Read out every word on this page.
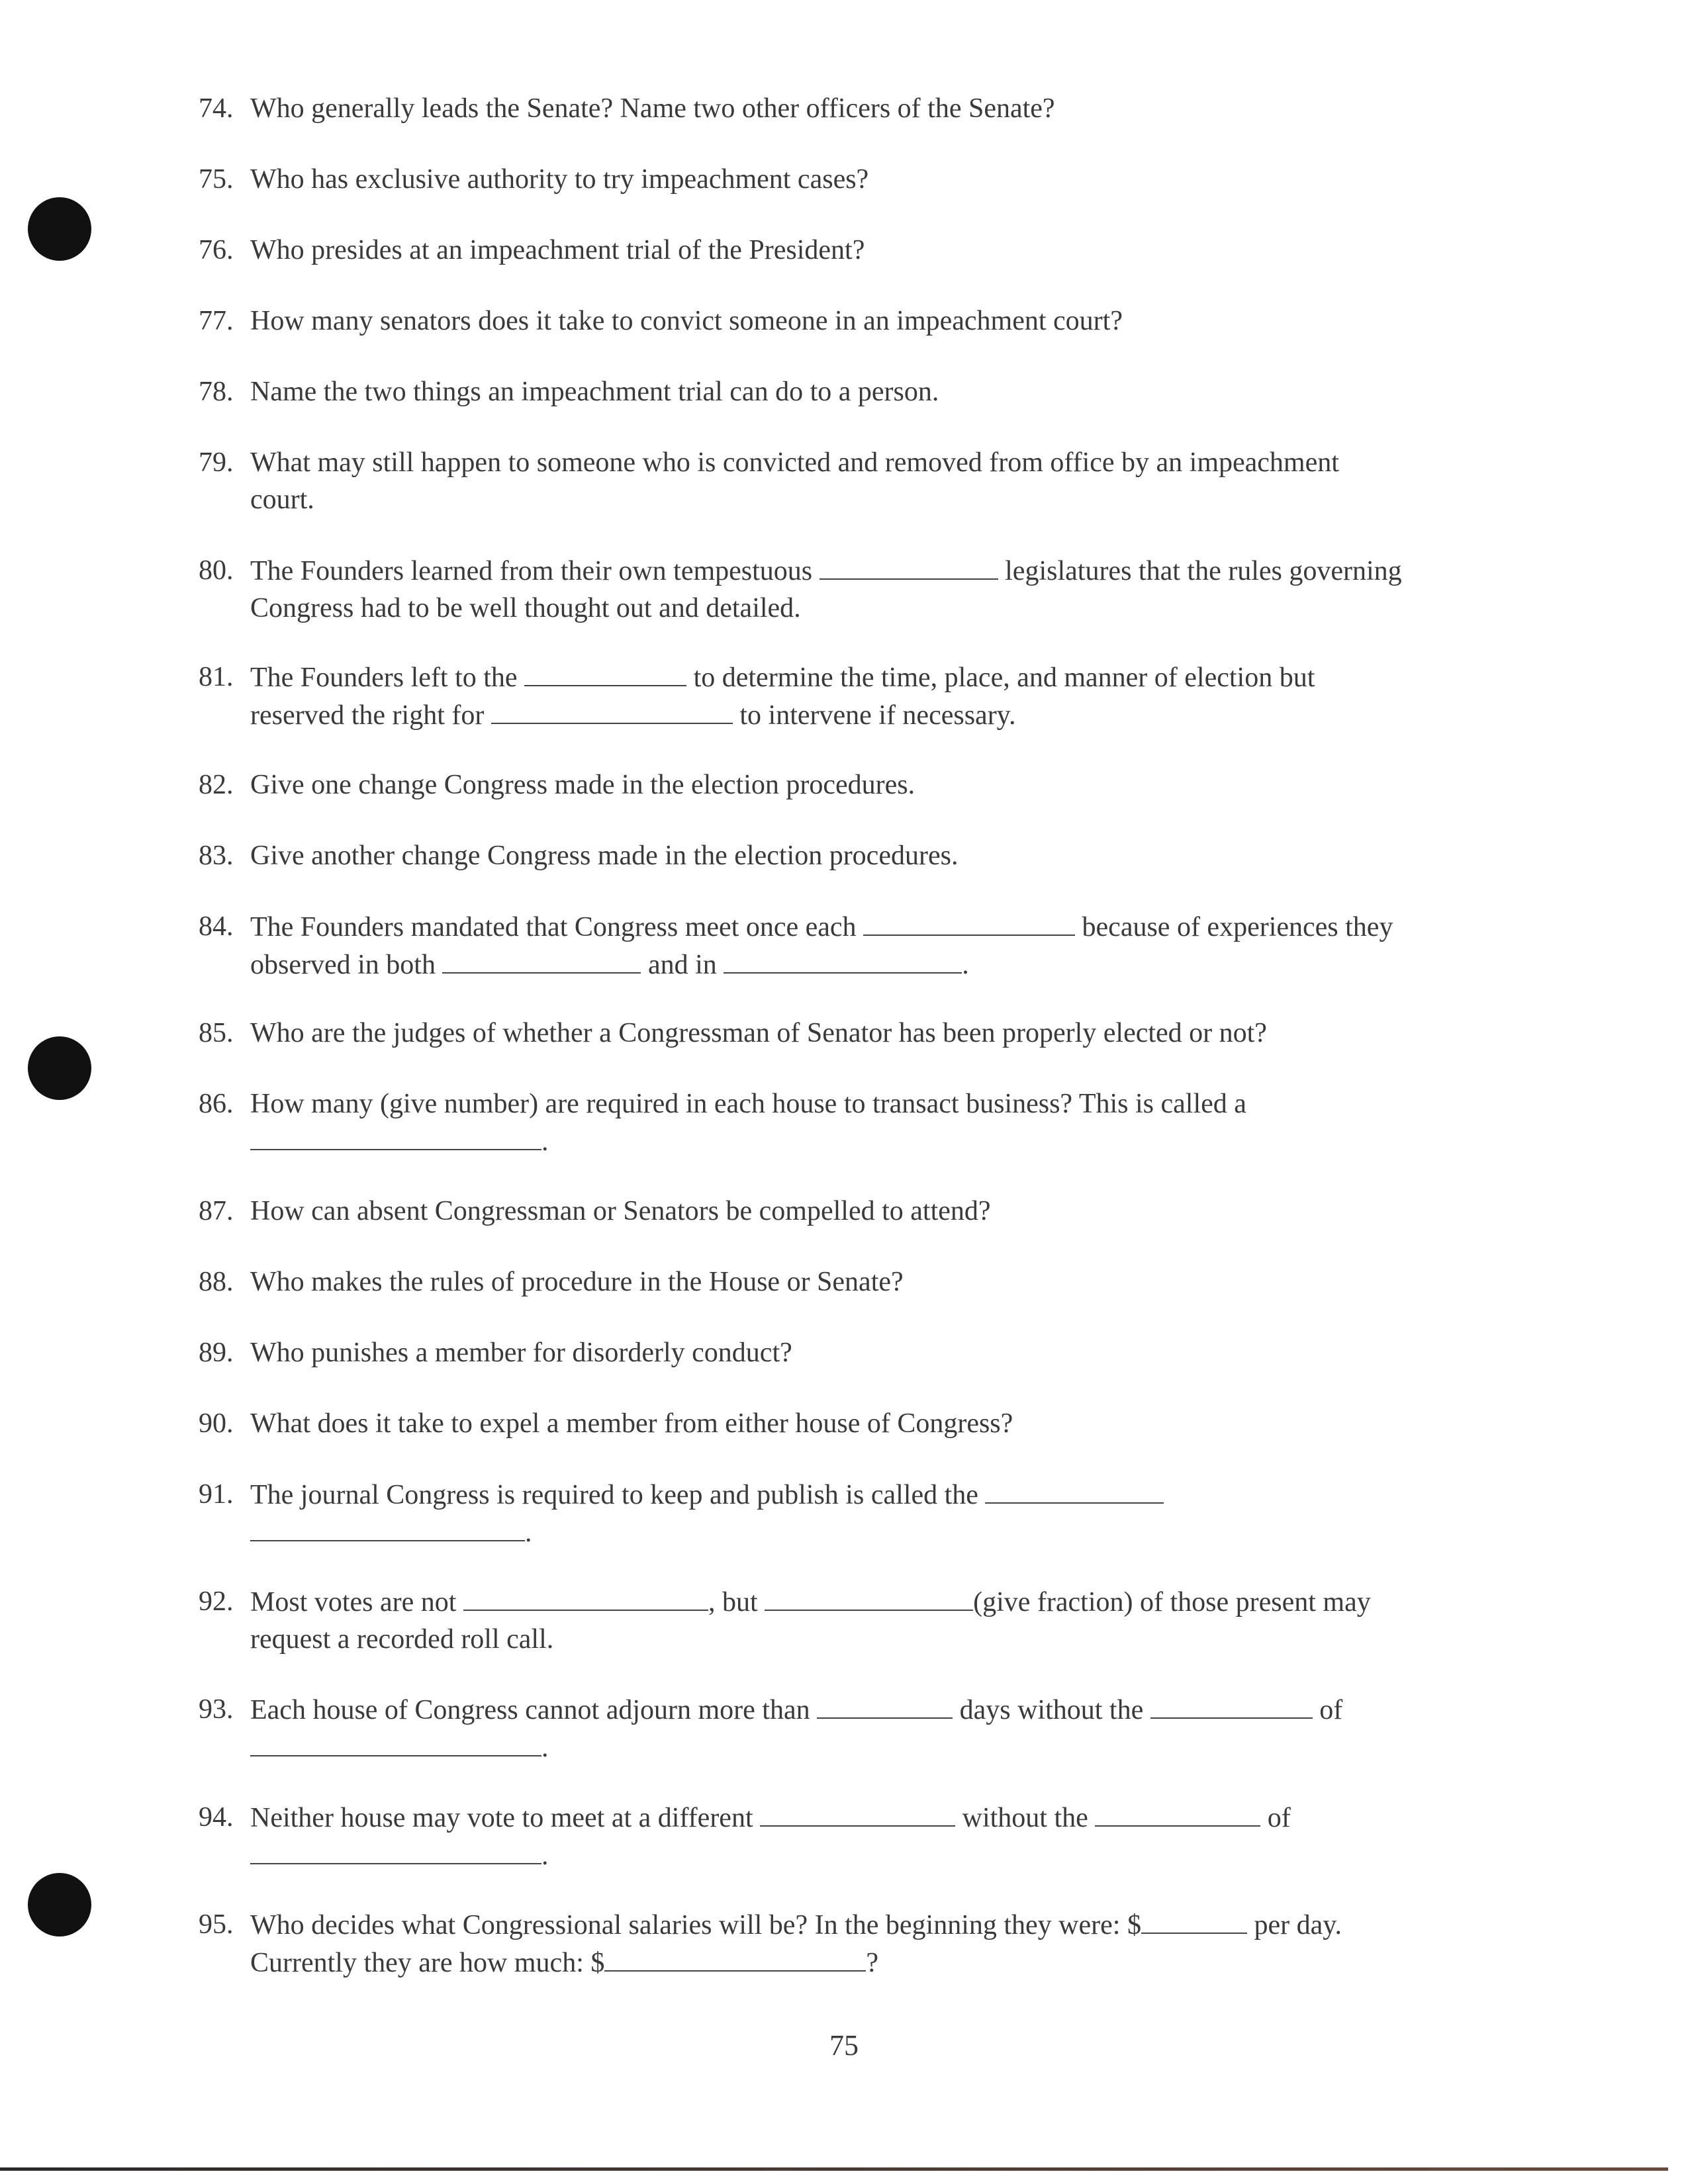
74. Who generally leads the Senate? Name two other officers of the Senate?
75. Who has exclusive authority to try impeachment cases?
76. Who presides at an impeachment trial of the President?
77. How many senators does it take to convict someone in an impeachment court?
78. Name the two things an impeachment trial can do to a person.
79. What may still happen to someone who is convicted and removed from office by an impeachment
court.
80. The Founders learned from their own tempestuous	legislatures that the rules governing
Congress had to be well thought out and detailed.
81. The Founders left to the	to determine the time, place, and manner of election but
reserved the right for	to intervene if necessary.
82. Give one change Congress made in the election procedures.
83. Give another change Congress made in the election procedures.
84. The Founders mandated that Congress meet once each	because of experiences they
observed in both	and in	.
85. Who are the judges of whether a Congressman of Senator has been properly elected or not?
86. How many (give number) are required in each house to transact business? This is called a
.
87. How can absent Congressman or Senators be compelled to attend?
88. Who makes the rules of procedure in the House or Senate?
89. Who punishes a member for disorderly conduct?
90. What does it take to expel a member from either house of Congress?
91. The journal Congress is required to keep and publish is called the
.
92. Most votes are not	, but	(give fraction) of those present may
request a recorded roll call.
93. Each house of Congress cannot adjourn more than	days without the	of
.
94. Neither house may vote to meet at a different	without the	of
.
95. Who decides what Congressional salaries will be? In the beginning they were: $	per day.
Currently they are how much: $	?
75
